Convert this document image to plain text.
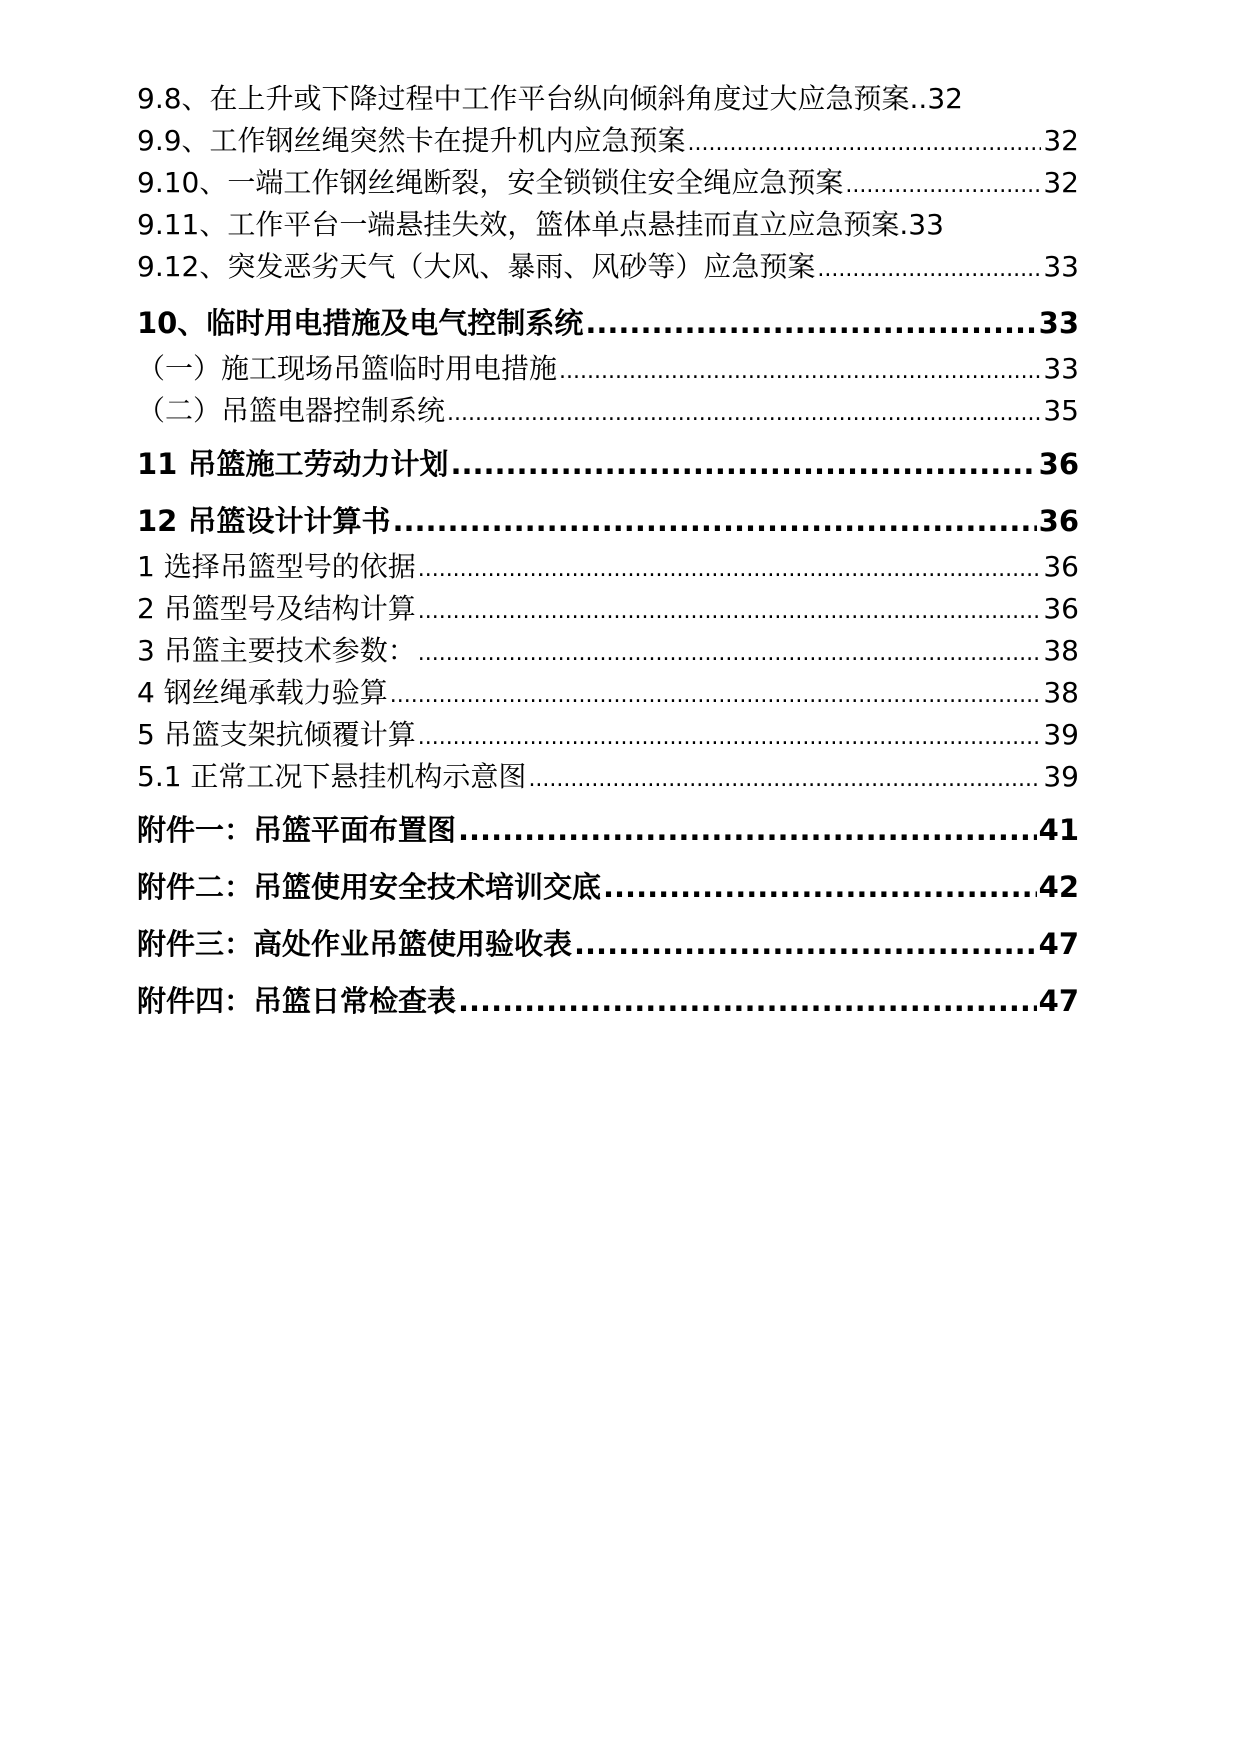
9.8、在上升或下降过程中工作平台纵向倾斜角度过大应急预案.. 32
9.9、工作钢丝绳突然卡在提升机内应急预案 .....	32
9.10、一端工作钢丝绳断裂，安全锁锁住安全绳应急预案 .....	32
9.11、工作平台一端悬挂失效，篮体单点悬挂而直立应急预案. 33
9.12、突发恶劣天气（大风、暴雨、风砂等）应急预案 .....	33
10、临时用电措施及电气控制系统 .....	33
（一）施工现场吊篮临时用电措施 .....	33
（二）吊篮电器控制系统 .....	35
11 吊篮施工劳动力计划 .....	36
12 吊篮设计计算书 .....	36
1 选择吊篮型号的依据 .....	36
2 吊篮型号及结构计算 .....	36
3 吊篮主要技术参数： .....	38
4 钢丝绳承载力验算 .....	38
5 吊篮支架抗倾覆计算 .....	39
5.1 正常工况下悬挂机构示意图 .....	39
附件一：吊篮平面布置图 .....	41
附件二：吊篮使用安全技术培训交底 .....	42
附件三：高处作业吊篮使用验收表 .....	47
附件四：吊篮日常检查表 .....	47
